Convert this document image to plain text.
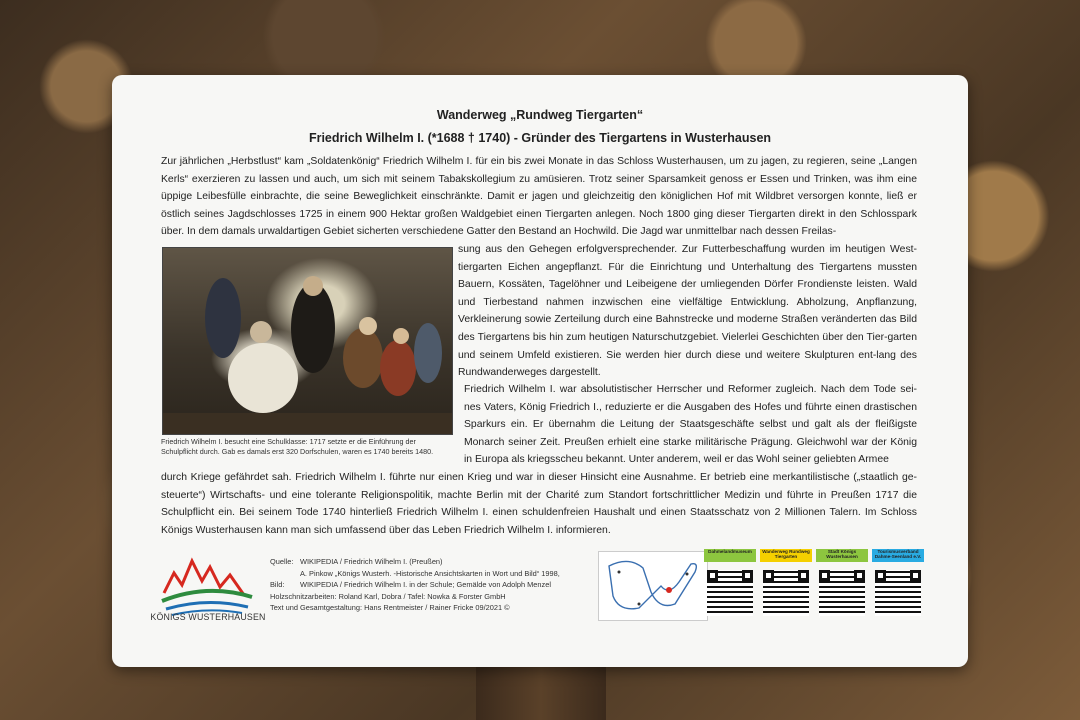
Wanderweg „Rundweg Tiergarten“
Friedrich Wilhelm I. (*1688 † 1740) - Gründer des Tiergartens in Wusterhausen

Zur jährlichen „Herbstlust“ kam „Soldatenkönig“ Friedrich Wilhelm I. für ein bis zwei Monate in das Schloss Wusterhausen, um zu jagen, zu regieren, seine „Langen Kerls“ exerzieren zu lassen und auch, um sich mit seinem Tabakskollegium zu amüsieren. Trotz seiner Sparsamkeit genoss er Essen und Trinken, was ihm eine üppige Leibesfülle einbrachte, die seine Beweglichkeit einschränkte. Damit er jagen und gleichzeitig den königlichen Hof mit Wildbret versorgen konnte, ließ er östlich seines Jagdschlosses 1725 in einem 900 Hektar großen Waldgebiet einen Tiergarten anlegen. Noch 1800 ging dieser Tiergarten direkt in den Schlosspark über. In dem damals urwaldartigen Gebiet sicherten verschiedene Gatter den Bestand an Hochwild. Die Jagd war unmittelbar nach dessen Freilas-

Friedrich Wilhelm I. besucht eine Schulklasse: 1717 setzte er die Einführung der Schulpflicht durch. Gab es damals erst 320 Dorfschulen, waren es 1740 bereits 1480.

sung aus den Gehegen erfolgversprechender. Zur Futterbeschaffung wurden im heutigen West-tiergarten Eichen angepflanzt. Für die Einrichtung und Unterhaltung des Tiergartens mussten Bauern, Kossäten, Tagelöhner und Leibeigene der umliegenden Dörfer Frondienste leisten. Wald und Tierbestand nahmen inzwischen eine vielfältige Entwicklung. Abholzung, Anpflanzung, Verkleinerung sowie Zerteilung durch eine Bahnstrecke und moderne Straßen veränderten das Bild des Tiergartens bis hin zum heutigen Naturschutzgebiet. Vielerlei Geschichten über den Tier-garten und seinem Umfeld existieren. Sie werden hier durch diese und weitere Skulpturen ent-lang des Rundwanderweges dargestellt.

Friedrich Wilhelm I. war absolutistischer Herrscher und Reformer zugleich. Nach dem Tode sei-nes Vaters, König Friedrich I., reduzierte er die Ausgaben des Hofes und führte einen drastischen Sparkurs ein. Er übernahm die Leitung der Staatsgeschäfte selbst und galt als der fleißigste Monarch seiner Zeit. Preußen erhielt eine starke militärische Prägung. Gleichwohl war der König in Europa als kriegsscheu bekannt. Unter anderem, weil er das Wohl seiner geliebten Armee

durch Kriege gefährdet sah. Friedrich Wilhelm I. führte nur einen Krieg und war in dieser Hinsicht eine Ausnahme. Er betrieb eine merkantilistische („staatlich ge-steuerte“) Wirtschafts- und eine tolerante Religionspolitik, machte Berlin mit der Charité zum Standort fortschrittlicher Medizin und führte in Preußen 1717 die Schulpflicht ein. Bei seinem Tode 1740 hinterließ Friedrich Wilhelm I. einen schuldenfreien Haushalt und einen Staatsschatz von 2 Millionen Talern. Im Schloss Königs Wusterhausen kann man sich umfassend über das Leben Friedrich Wilhelm I. informieren.

KÖNIGS WUSTERHAUSEN
Quelle: WIKIPEDIA / Friedrich Wilhelm I. (Preußen)
A. Pinkow „Königs Wusterh. -Historische Ansichtskarten in Wort und Bild“ 1998,
Bild: WIKIPEDIA / Friedrich Wilhelm I. in der Schule; Gemälde von Adolph Menzel
Holzschnitzarbeiten: Roland Karl, Dobra / Tafel: Nowka & Forster GmbH
Text und Gesamtgestaltung: Hans Rentmeister / Rainer Fricke 09/2021 ©
Dahmelandmuseum	Wanderweg Rundweg Tiergarten
Stadt Königs Wusterhausen
Tourismusverband Dahme-Seenland e.V.
